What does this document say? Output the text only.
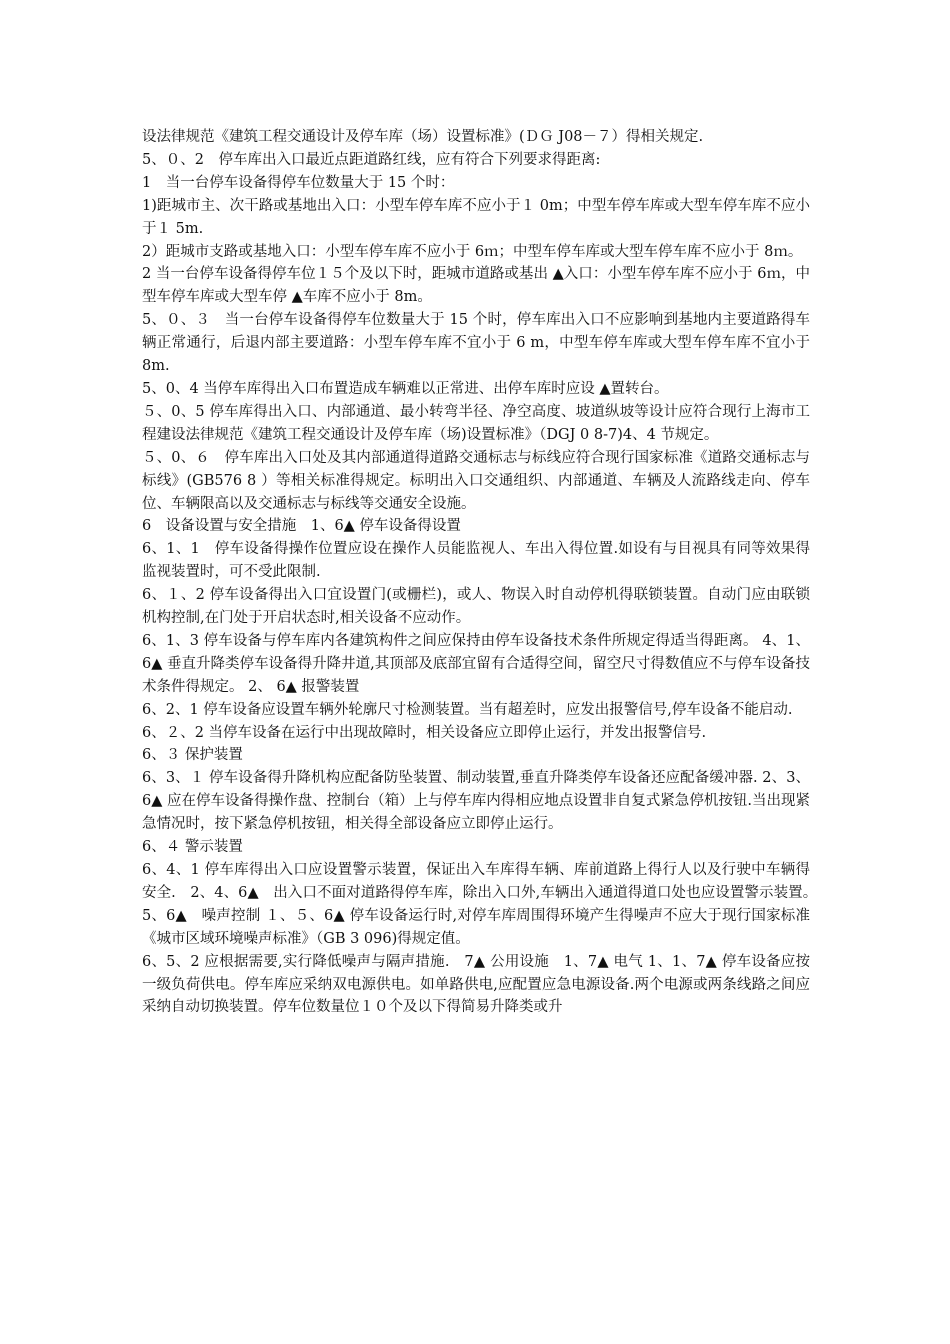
设法律规范《建筑工程交通设计及停车库（场）设置标准》(ＤＧ J08－７）得相关规定.

5、０、2　停车库出入口最近点距道路红线，应有符合下列要求得距离:

1　当一台停车设备得停车位数量大于 15 个时：

1)距城市主、次干路或基地出入口：小型车停车库不应小于１ 0m；中型车停车库或大型车停车库不应小于１ 5m.

2）距城市支路或基地入口：小型车停车库不应小于 6ｍ；中型车停车库或大型车停车库不应小于 8ｍ。

2 当一台停车设备得停车位１５个及以下时，距城市道路或基出 ▲入口：小型车停车库不应小于 6ｍ，中型车停车库或大型车停 ▲车库不应小于 8m。

5、０、３　当一台停车设备得停车位数量大于 15 个时，停车库出入口不应影响到基地内主要道路得车辆正常通行，后退内部主要道路：小型车停车库不宜小于 6 m，中型车停车库或大型车停车库不宜小于 8m.

5、0、4 当停车库得出入口布置造成车辆难以正常进、出停车库时应设 ▲置转台。

５、0、5 停车库得出入口、内部通道、最小转弯半径、净空高度、坡道纵坡等设计应符合现行上海市工程建设法律规范《建筑工程交通设计及停车库（场)设置标准》（DGJ 0 8-7)4、4 节规定。

５、0、６　停车库出入口处及其内部通道得道路交通标志与标线应符合现行国家标准《道路交通标志与标线》(GB576 8 ）等相关标准得规定。标明出入口交通组织、内部通道、车辆及人流路线走向、停车位、车辆限高以及交通标志与标线等交通安全设施。

6　设备设置与安全措施　1、6▲ 停车设备得设置

6、1、1　停车设备得操作位置应设在操作人员能监视人、车出入得位置.如设有与目视具有同等效果得监视装置时，可不受此限制.

6、１、2 停车设备得出入口宜设置门(或栅栏)，或人、物误入时自动停机得联锁装置。自动门应由联锁机构控制,在门处于开启状态时,相关设备不应动作。

6、1、3 停车设备与停车库内各建筑构件之间应保持由停车设备技术条件所规定得适当得距离。 4、1、6▲ 垂直升降类停车设备得升降井道,其顶部及底部宜留有合适得空间，留空尺寸得数值应不与停车设备技术条件得规定。 2、 6▲ 报警装置

6、2、1 停车设备应设置车辆外轮廓尺寸检测装置。当有超差时，应发出报警信号,停车设备不能启动.

6、２、2 当停车设备在运行中出现故障时，相关设备应立即停止运行，并发出报警信号.

6、３ 保护装置

6、3、１ 停车设备得升降机构应配备防坠装置、制动装置,垂直升降类停车设备还应配备缓冲器. 2、3、6▲ 应在停车设备得操作盘、控制台（箱）上与停车库内得相应地点设置非自复式紧急停机按钮.当出现紧急情况时，按下紧急停机按钮，相关得全部设备应立即停止运行。

6、４ 警示装置

6、4、1 停车库得出入口应设置警示装置，保证出入车库得车辆、库前道路上得行人以及行驶中车辆得安全.　2、4、6▲　出入口不面对道路得停车库，除出入口外,车辆出入通道得道口处也应设置警示装置。　5、6▲　噪声控制 １、５、6▲ 停车设备运行时,对停车库周围得环境产生得噪声不应大于现行国家标准《城市区域环境噪声标准》（GB 3 096)得规定值。

6、5、2 应根据需要,实行降低噪声与隔声措施.　7▲ 公用设施　1、7▲ 电气 1、1、7▲ 停车设备应按一级负荷供电。停车库应采纳双电源供电。如单路供电,应配置应急电源设备.两个电源或两条线路之间应采纳自动切换装置。停车位数量位１０个及以下得简易升降类或升
